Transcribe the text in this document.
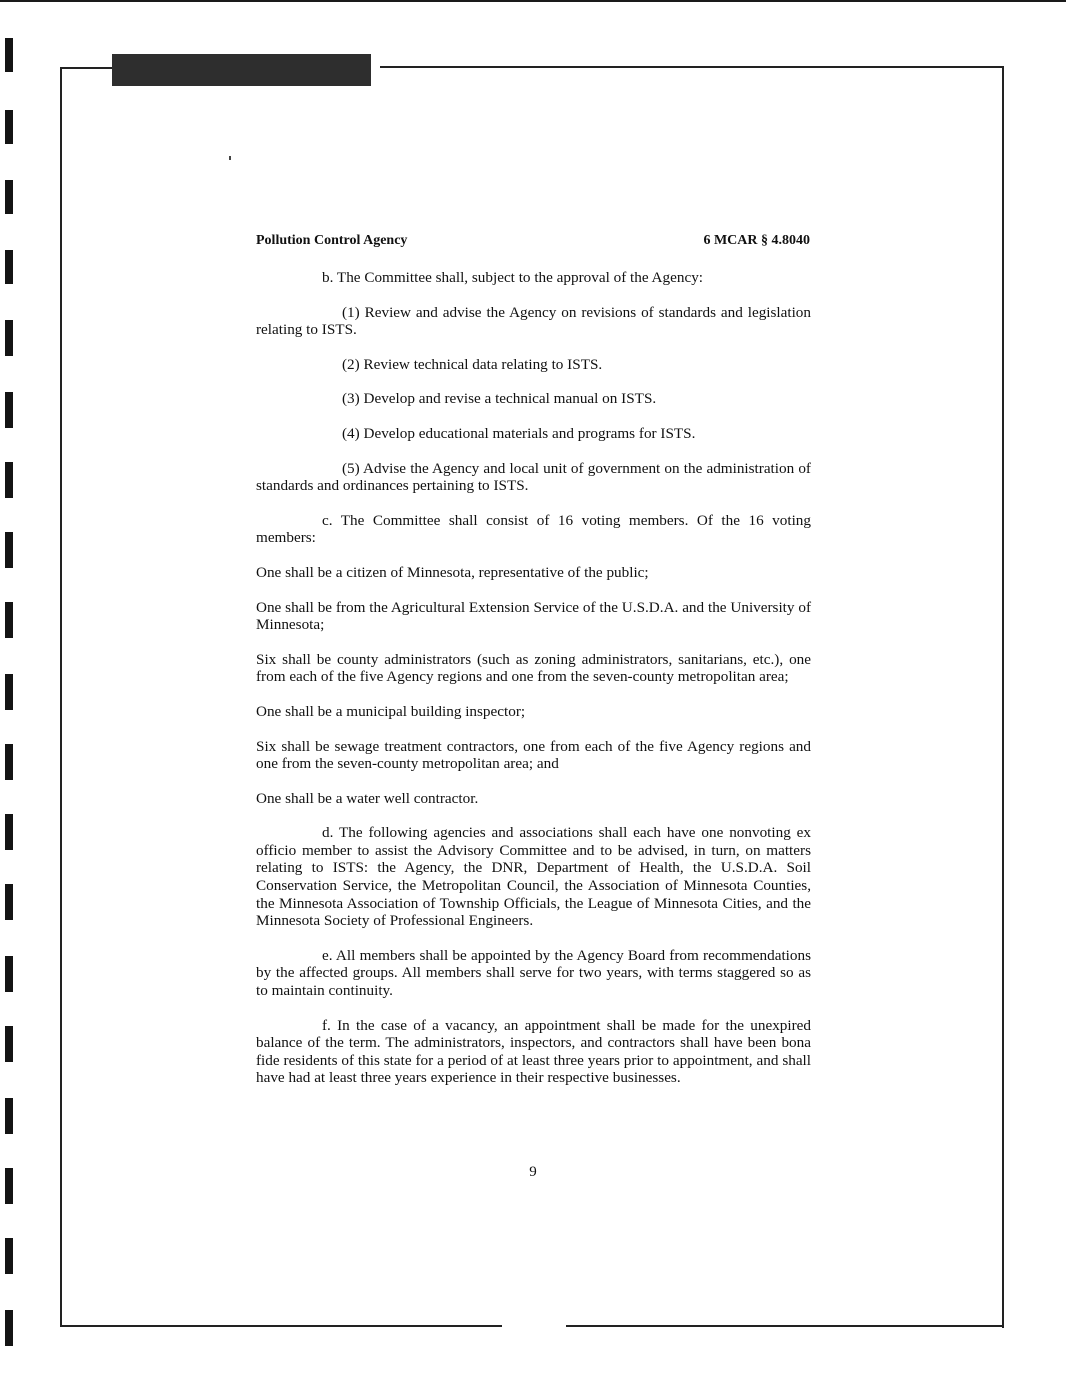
Pollution Control Agency	6 MCAR § 4.8040

b. The Committee shall, subject to the approval of the Agency:

(1) Review and advise the Agency on revisions of standards and legislation relating to ISTS.

(2) Review technical data relating to ISTS.

(3) Develop and revise a technical manual on ISTS.

(4) Develop educational materials and programs for ISTS.

(5) Advise the Agency and local unit of government on the administration of standards and ordinances pertaining to ISTS.

c. The Committee shall consist of 16 voting members. Of the 16 voting members:

One shall be a citizen of Minnesota, representative of the public;

One shall be from the Agricultural Extension Service of the U.S.D.A. and the University of Minnesota;

Six shall be county administrators (such as zoning administrators, sanitarians, etc.), one from each of the five Agency regions and one from the seven-county metropolitan area;

One shall be a municipal building inspector;

Six shall be sewage treatment contractors, one from each of the five Agency regions and one from the seven-county metropolitan area; and

One shall be a water well contractor.

d. The following agencies and associations shall each have one nonvoting ex officio member to assist the Advisory Committee and to be advised, in turn, on matters relating to ISTS: the Agency, the DNR, Department of Health, the U.S.D.A. Soil Conservation Service, the Metropolitan Council, the Association of Minnesota Counties, the Minnesota Association of Township Officials, the League of Minnesota Cities, and the Minnesota Society of Professional Engineers.

e. All members shall be appointed by the Agency Board from recommendations by the affected groups. All members shall serve for two years, with terms staggered so as to maintain continuity.

f. In the case of a vacancy, an appointment shall be made for the unexpired balance of the term. The administrators, inspectors, and contractors shall have been bona fide residents of this state for a period of at least three years prior to appointment, and shall have had at least three years experience in their respective businesses.

9
